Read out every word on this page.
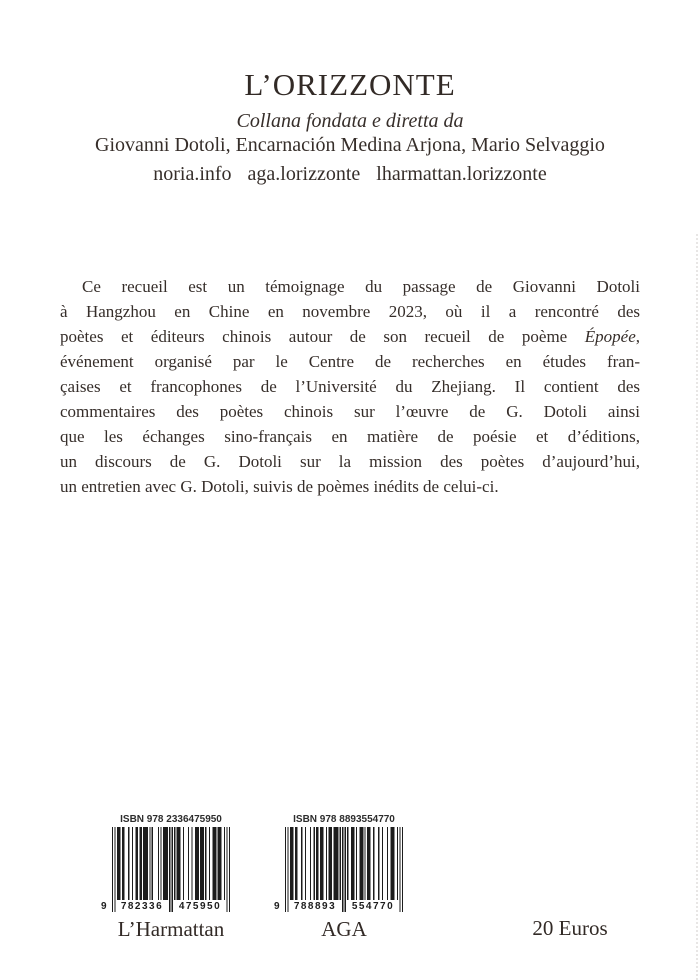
L’ORIZZONTE
Collana fondata e diretta da
Giovanni Dotoli, Encarnación Medina Arjona, Mario Selvaggio
noria.info aga.lorizzonte lharmattan.lorizzonte
Ce recueil est un témoignage du passage de Giovanni Dotoli
à Hangzhou en Chine en novembre 2023, où il a rencontré des
poètes et éditeurs chinois autour de son recueil de poème Épopée,
événement organisé par le Centre de recherches en études fran-
çaises et francophones de l’Université du Zhejiang. Il contient des
commentaires des poètes chinois sur l’œuvre de G. Dotoli ainsi
que les échanges sino-français en matière de poésie et d’éditions,
un discours de G. Dotoli sur la mission des poètes d’aujourd’hui,
un entretien avec G. Dotoli, suivis de poèmes inédits de celui-ci.
ISBN 978 2336475950
9	782336	475950
ISBN 978 8893554770
9	788893	554770
L’Harmattan	AGA	20 Euros
